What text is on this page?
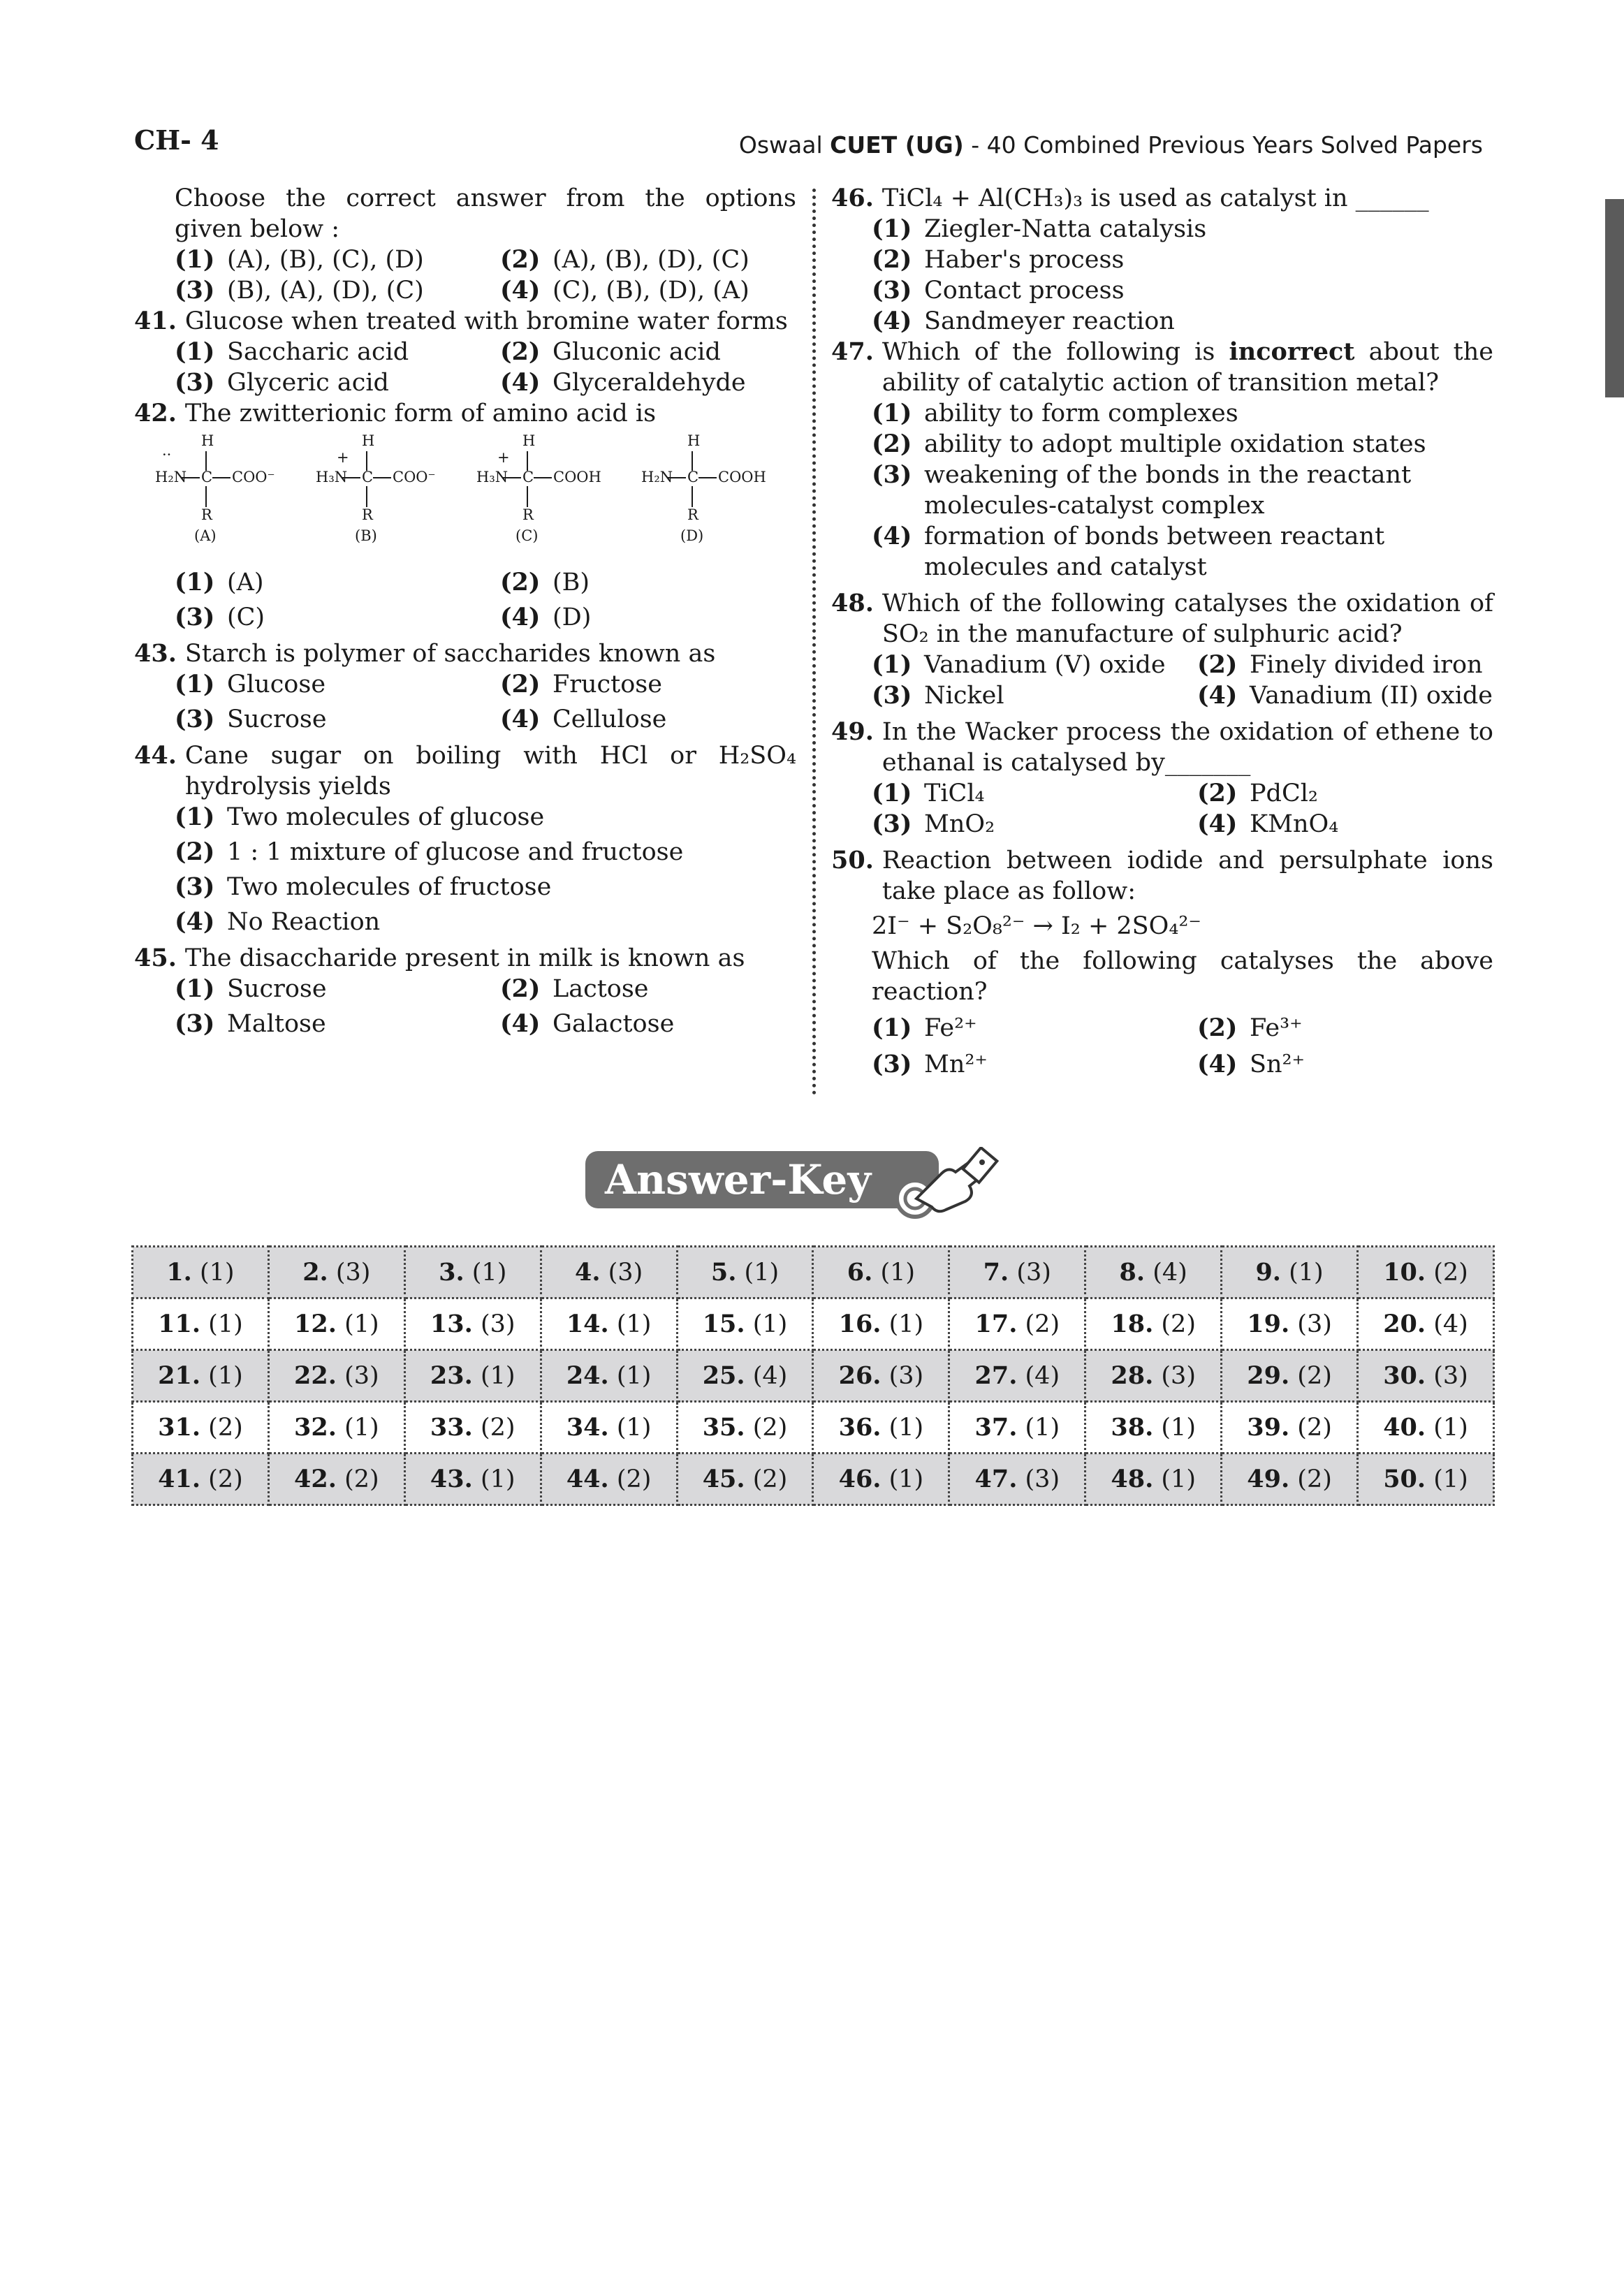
CH- 4	Oswaal CUET (UG) - 40 Combined Previous Years Solved Papers
Choose the correct answer from the options given below :
(1) (A), (B), (C), (D)	(2) (A), (B), (D), (C)
(3) (B), (A), (D), (C)	(4) (C), (B), (D), (A)
41. Glucose when treated with bromine water forms
(1) Saccharic acid	(2) Gluconic acid
(3) Glyceric acid	(4) Glyceraldehyde
42. The zwitterionic form of amino acid is
H
··
H₂N C COO⁻
R
(A)
H
+
H₃N C COO⁻
R
(B)
H
+
H₃N C COOH
R
(C)
H
H₂N C COOH
R
(D)
(1) (A)	(2) (B)
(3) (C)	(4) (D)
43. Starch is polymer of saccharides known as
(1) Glucose	(2) Fructose
(3) Sucrose	(4) Cellulose
44. Cane sugar on boiling with HCl or H₂SO₄ hydrolysis yields
(1) Two molecules of glucose
(2) 1 : 1 mixture of glucose and fructose
(3) Two molecules of fructose
(4) No Reaction
45. The disaccharide present in milk is known as
(1) Sucrose	(2) Lactose
(3) Maltose	(4) Galactose
46. TiCl₄ + Al(CH₃)₃ is used as catalyst in ______
(1) Ziegler-Natta catalysis
(2) Haber's process
(3) Contact process
(4) Sandmeyer reaction
47. Which of the following is incorrect about the ability of catalytic action of transition metal?
(1) ability to form complexes
(2) ability to adopt multiple oxidation states
(3) weakening of the bonds in the reactant molecules-catalyst complex
(4) formation of bonds between reactant molecules and catalyst
48. Which of the following catalyses the oxidation of SO₂ in the manufacture of sulphuric acid?
(1) Vanadium (V) oxide (2) Finely divided iron
(3) Nickel	(4) Vanadium (II) oxide
49. In the Wacker process the oxidation of ethene to ethanal is catalysed by_______
(1) TiCl₄	(2) PdCl₂
(3) MnO₂	(4) KMnO₄
50. Reaction between iodide and persulphate ions take place as follow:
2I⁻ + S₂O₈²⁻ → I₂ + 2SO₄²⁻
Which of the following catalyses the above reaction?
(1) Fe²⁺	(2) Fe³⁺
(3) Mn²⁺	(4) Sn²⁺
Answer-Key
1. (1)	2. (3)	3. (1)	4. (3)	5. (1)	6. (1)	7. (3)	8. (4)	9. (1)	10. (2)
11. (1)	12. (1)	13. (3)	14. (1)	15. (1)	16. (1)	17. (2)	18. (2)	19. (3)	20. (4)
21. (1)	22. (3)	23. (1)	24. (1)	25. (4)	26. (3)	27. (4)	28. (3)	29. (2)	30. (3)
31. (2)	32. (1)	33. (2)	34. (1)	35. (2)	36. (1)	37. (1)	38. (1)	39. (2)	40. (1)
41. (2)	42. (2)	43. (1)	44. (2)	45. (2)	46. (1)	47. (3)	48. (1)	49. (2)	50. (1)
